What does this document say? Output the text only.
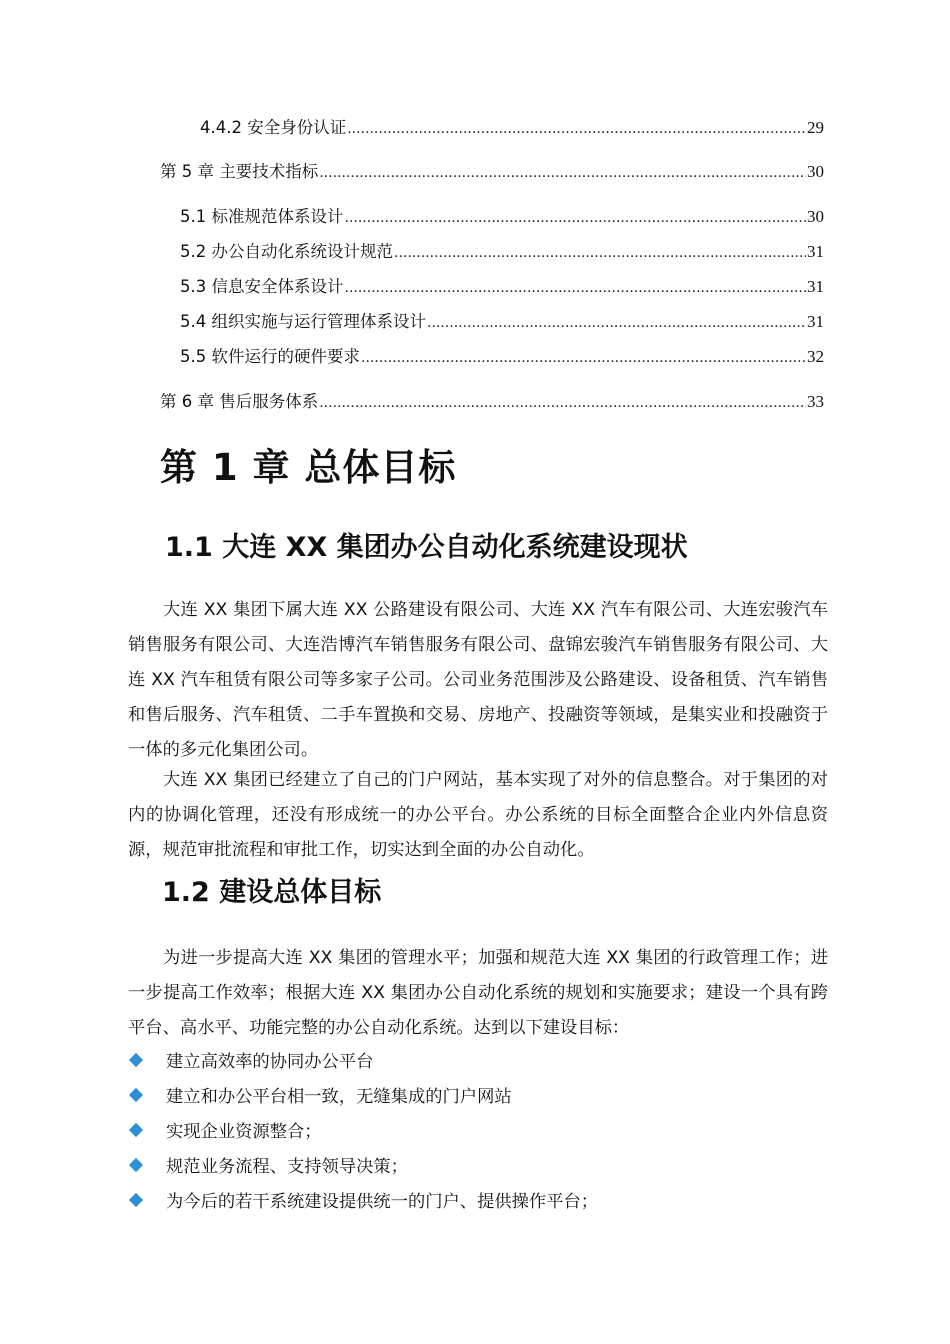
4.4.2 安全身份认证 .....	29
第 5 章 主要技术指标 .....	30
5.1 标准规范体系设计 .....	30
5.2 办公自动化系统设计规范 .....	31
5.3 信息安全体系设计 .....	31
5.4 组织实施与运行管理体系设计 .....	31
5.5 软件运行的硬件要求 .....	32
第 6 章 售后服务体系 .....	33
第 1 章 总体目标
1.1 大连 XX 集团办公自动化系统建设现状
大连 XX 集团下属大连 XX 公路建设有限公司、大连 XX 汽车有限公司、大连宏骏汽车销售服务有限公司、大连浩博汽车销售服务有限公司、盘锦宏骏汽车销售服务有限公司、大连 XX 汽车租赁有限公司等多家子公司。公司业务范围涉及公路建设、设备租赁、汽车销售和售后服务、汽车租赁、二手车置换和交易、房地产、投融资等领域，是集实业和投融资于一体的多元化集团公司。
大连 XX 集团已经建立了自己的门户网站，基本实现了对外的信息整合。对于集团的对内的协调化管理，还没有形成统一的办公平台。办公系统的目标全面整合企业内外信息资源，规范审批流程和审批工作，切实达到全面的办公自动化。
1.2 建设总体目标
为进一步提高大连 XX 集团的管理水平；加强和规范大连 XX 集团的行政管理工作；进一步提高工作效率；根据大连 XX 集团办公自动化系统的规划和实施要求；建设一个具有跨平台、高水平、功能完整的办公自动化系统。达到以下建设目标：
建立高效率的协同办公平台
建立和办公平台相一致，无缝集成的门户网站
实现企业资源整合；
规范业务流程、支持领导决策；
为今后的若干系统建设提供统一的门户、提供操作平台；
